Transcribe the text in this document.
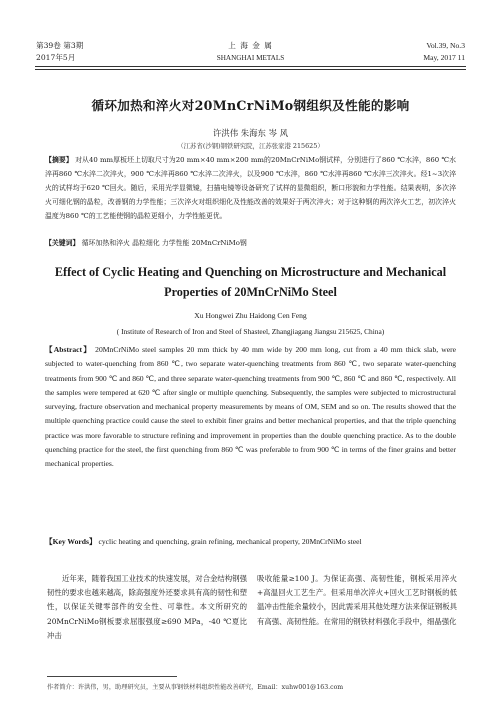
第39卷 第3期
2017年5月
上 海 金 属
SHANGHAI METALS
Vol.39, No.3
May, 2017 11
循环加热和淬火对20MnCrNiMo钢组织及性能的影响
许洪伟 朱海东 岑 风
（江苏省(沙钢)钢铁研究院，江苏张家港 215625）
【摘要】 对从40 mm厚板坯上切取尺寸为20 mm×40 mm×200 mm的20MnCrNiMo钢试样，分别进行了860 ℃水淬，860 ℃水淬再860 ℃水淬二次淬火，900 ℃水淬再860 ℃水淬二次淬火，以及900 ℃水淬，860 ℃水淬再860 ℃水淬三次淬火。经1~3次淬火的试样均于620 ℃回火。随后，采用光学显微镜，扫描电镜等设备研究了试样的显微组织，断口形貌和力学性能。结果表明，多次淬火可细化钢的晶粒，改善钢的力学性能；三次淬火对组织细化及性能改善的效果好于两次淬火；对于这种钢的两次淬火工艺，初次淬火温度为860 ℃的工艺能使钢的晶粒更细小，力学性能更优。
【关键词】 循环加热和淬火 晶粒细化 力学性能 20MnCrNiMo钢
Effect of Cyclic Heating and Quenching on Microstructure and Mechanical Properties of 20MnCrNiMo Steel
Xu Hongwei Zhu Haidong Cen Feng
( Institute of Research of Iron and Steel of Shasteel, Zhangjiagang Jiangsu 215625, China)
【Abstract】 20MnCrNiMo steel samples 20 mm thick by 40 mm wide by 200 mm long, cut from a 40 mm thick slab, were subjected to water-quenching from 860 ℃, two separate water-quenching treatments from 860 ℃, two separate water-quenching treatments from 900 ℃ and 860 ℃, and three separate water-quenching treatments from 900 ℃, 860 ℃ and 860 ℃, respectively. All the samples were tempered at 620 ℃ after single or multiple quenching. Subsequently, the samples were subjected to microstructural surveying, fracture observation and mechanical property measurements by means of OM, SEM and so on. The results showed that the multiple quenching practice could cause the steel to exhibit finer grains and better mechanical properties, and that the triple quenching practice was more favorable to structure refining and improvement in properties than the double quenching practice. As to the double quenching practice for the steel, the first quenching from 860 ℃ was preferable to from 900 ℃ in terms of the finer grains and better mechanical properties.
【Key Words】 cyclic heating and quenching, grain refining, mechanical property, 20MnCrNiMo steel
近年来，随着我国工业技术的快速发展，对合金结构钢强韧性的要求也越来越高，除高强度外还要求具有高的韧性和塑性，以保证关键零部件的安全性、可靠性。本文所研究的20MnCrNiMo钢板要求屈服强度≥690 MPa，-40 ℃夏比冲击
吸收能量≥100 J。为保证高强、高韧性能，钢板采用淬火+高温回火工艺生产。但采用单次淬火+回火工艺时钢板的低温冲击性能余量较小，因此需采用其他处理方法来保证钢板具有高强、高韧性能。在常用的钢铁材料强化手段中，细晶强化
作者简介：许洪伟，男，助理研究员，主要从事钢铁材料组织性能改善研究，Email：xuhw001@163.com
